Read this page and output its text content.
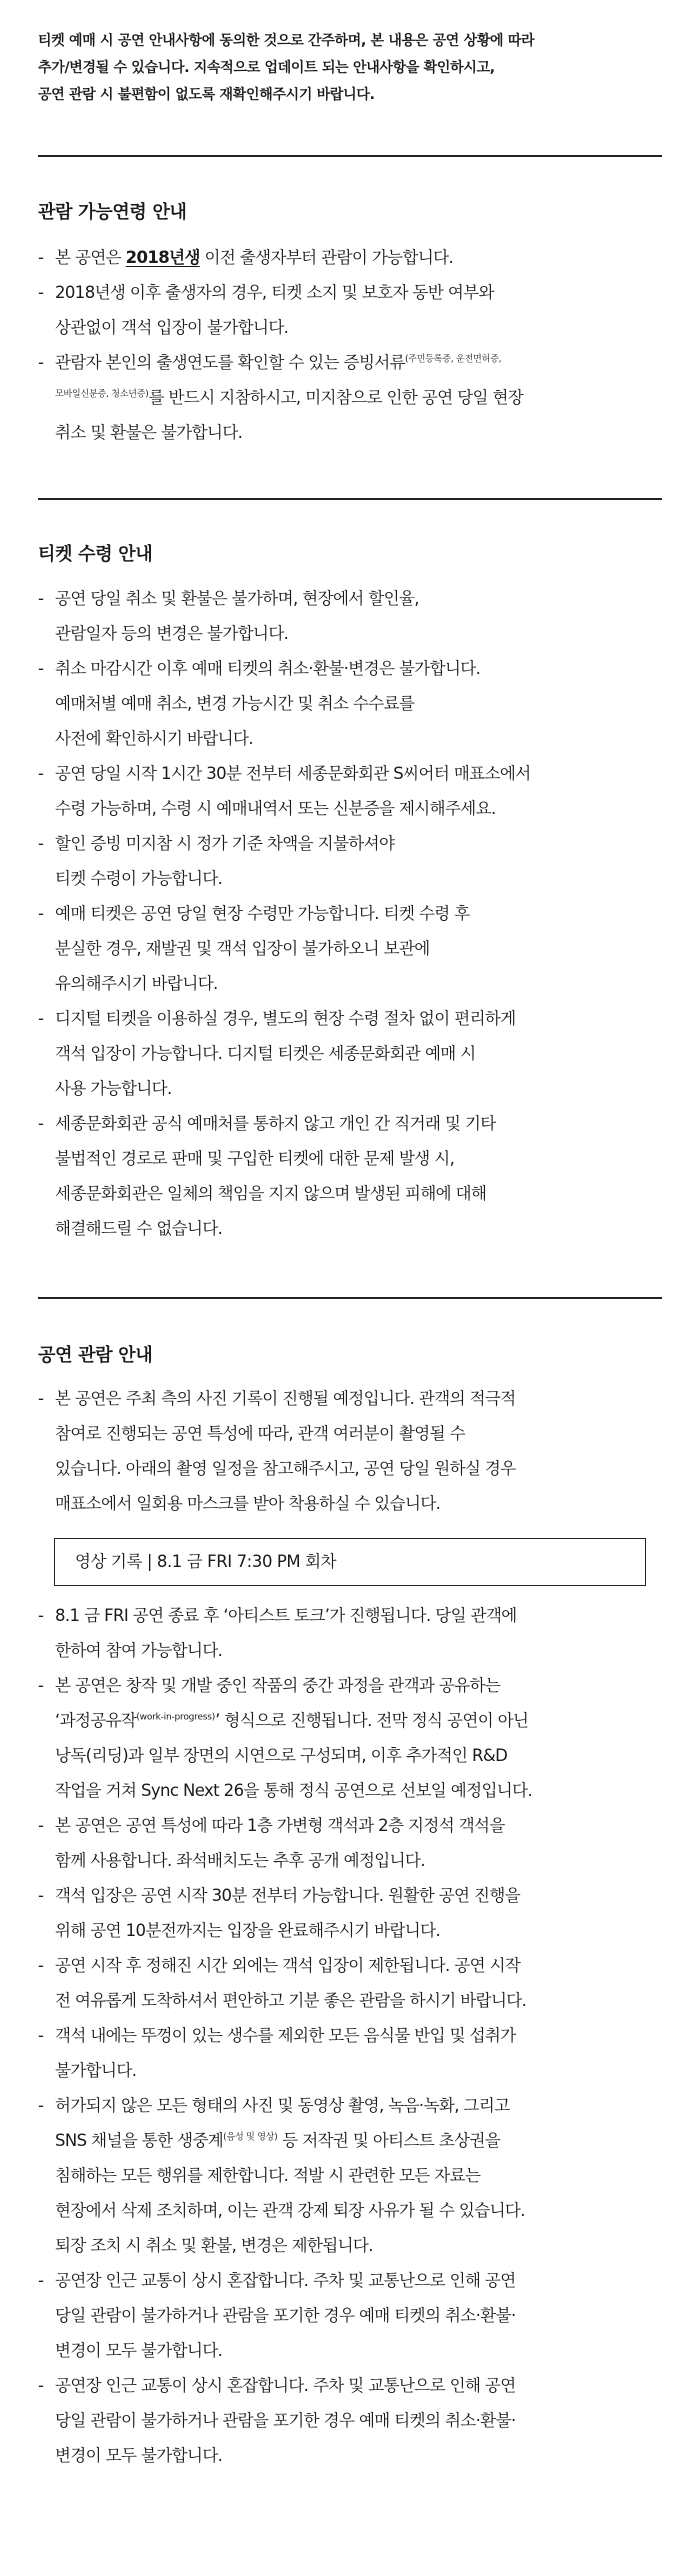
티켓 예매 시 공연 안내사항에 동의한 것으로 간주하며, 본 내용은 공연 상황에 따라
추가/변경될 수 있습니다. 지속적으로 업데이트 되는 안내사항을 확인하시고,
공연 관람 시 불편함이 없도록 재확인해주시기 바랍니다.
관람 가능연령 안내
- 본 공연은 2018년생 이전 출생자부터 관람이 가능합니다.
- 2018년생 이후 출생자의 경우, 티켓 소지 및 보호자 동반 여부와
상관없이 객석 입장이 불가합니다.
- 관람자 본인의 출생연도를 확인할 수 있는 증빙서류$^{(주민등록증, 운전면허증,}$
$^{모바일신분증, 청소년증)}$를 반드시 지참하시고, 미지참으로 인한 공연 당일 현장
취소 및 환불은 불가합니다.
티켓 수령 안내
- 공연 당일 취소 및 환불은 불가하며, 현장에서 할인율,
관람일자 등의 변경은 불가합니다.
- 취소 마감시간 이후 예매 티켓의 취소·환불·변경은 불가합니다.
예매처별 예매 취소, 변경 가능시간 및 취소 수수료를
사전에 확인하시기 바랍니다.
- 공연 당일 시작 1시간 30분 전부터 세종문화회관 S씨어터 매표소에서
수령 가능하며, 수령 시 예매내역서 또는 신분증을 제시해주세요.
- 할인 증빙 미지참 시 정가 기준 차액을 지불하셔야
티켓 수령이 가능합니다.
- 예매 티켓은 공연 당일 현장 수령만 가능합니다. 티켓 수령 후
분실한 경우, 재발권 및 객석 입장이 불가하오니 보관에
유의해주시기 바랍니다.
- 디지털 티켓을 이용하실 경우, 별도의 현장 수령 절차 없이 편리하게
객석 입장이 가능합니다. 디지털 티켓은 세종문화회관 예매 시
사용 가능합니다.
- 세종문화회관 공식 예매처를 통하지 않고 개인 간 직거래 및 기타
불법적인 경로로 판매 및 구입한 티켓에 대한 문제 발생 시,
세종문화회관은 일체의 책임을 지지 않으며 발생된 피해에 대해
해결해드릴 수 없습니다.
공연 관람 안내
- 본 공연은 주최 측의 사진 기록이 진행될 예정입니다. 관객의 적극적
참여로 진행되는 공연 특성에 따라, 관객 여러분이 촬영될 수
있습니다. 아래의 촬영 일정을 참고해주시고, 공연 당일 원하실 경우
매표소에서 일회용 마스크를 받아 착용하실 수 있습니다.
영상 기록 | 8.1 금 FRI 7:30 PM 회차
- 8.1 금 FRI 공연 종료 후 ‘아티스트 토크’가 진행됩니다. 당일 관객에
한하여 참여 가능합니다.
- 본 공연은 창작 및 개발 중인 작품의 중간 과정을 관객과 공유하는
‘과정공유작$^{(work-in-progress)}$’ 형식으로 진행됩니다. 전막 정식 공연이 아닌
낭독(리딩)과 일부 장면의 시연으로 구성되며, 이후 추가적인 R&D
작업을 거쳐 Sync Next 26을 통해 정식 공연으로 선보일 예정입니다.
- 본 공연은 공연 특성에 따라 1층 가변형 객석과 2층 지정석 객석을
함께 사용합니다. 좌석배치도는 추후 공개 예정입니다.
- 객석 입장은 공연 시작 30분 전부터 가능합니다. 원활한 공연 진행을
위해 공연 10분전까지는 입장을 완료해주시기 바랍니다.
- 공연 시작 후 정해진 시간 외에는 객석 입장이 제한됩니다. 공연 시작
전 여유롭게 도착하셔서 편안하고 기분 좋은 관람을 하시기 바랍니다.
- 객석 내에는 뚜껑이 있는 생수를 제외한 모든 음식물 반입 및 섭취가
불가합니다.
- 허가되지 않은 모든 형태의 사진 및 동영상 촬영, 녹음·녹화, 그리고
SNS 채널을 통한 생중계$^{(음성 및 영상)}$ 등 저작권 및 아티스트 초상권을
침해하는 모든 행위를 제한합니다. 적발 시 관련한 모든 자료는
현장에서 삭제 조치하며, 이는 관객 강제 퇴장 사유가 될 수 있습니다.
퇴장 조치 시 취소 및 환불, 변경은 제한됩니다.
- 공연장 인근 교통이 상시 혼잡합니다. 주차 및 교통난으로 인해 공연
당일 관람이 불가하거나 관람을 포기한 경우 예매 티켓의 취소·환불·
변경이 모두 불가합니다.
- 공연장 인근 교통이 상시 혼잡합니다. 주차 및 교통난으로 인해 공연
당일 관람이 불가하거나 관람을 포기한 경우 예매 티켓의 취소·환불·
변경이 모두 불가합니다.
